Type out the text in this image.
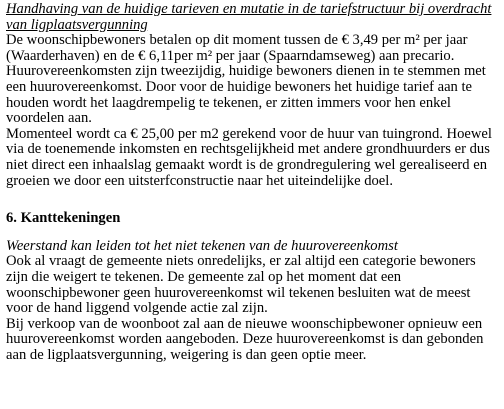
Handhaving van de huidige tarieven en mutatie in de tariefstructuur bij overdracht
van ligplaatsvergunning
De woonschipbewoners betalen op dit moment tussen de € 3,49 per m² per jaar
(Waarderhaven) en de € 6,11per m² per jaar (Spaarndamseweg) aan precario.
Huurovereenkomsten zijn tweezijdig, huidige bewoners dienen in te stemmen met
een huurovereenkomst. Door voor de huidige bewoners het huidige tarief aan te
houden wordt het laagdrempelig te tekenen, er zitten immers voor hen enkel
voordelen aan.
Momenteel wordt ca € 25,00 per m2 gerekend voor de huur van tuingrond. Hoewel
via de toenemende inkomsten en rechtsgelijkheid met andere grondhuurders er dus
niet direct een inhaalslag gemaakt wordt is de grondregulering wel gerealiseerd en
groeien we door een uitsterfconstructie naar het uiteindelijke doel.
6. Kanttekeningen
Weerstand kan leiden tot het niet tekenen van de huurovereenkomst
Ook al vraagt de gemeente niets onredelijks, er zal altijd een categorie bewoners
zijn die weigert te tekenen. De gemeente zal op het moment dat een
woonschipbewoner geen huurovereenkomst wil tekenen besluiten wat de meest
voor de hand liggend volgende actie zal zijn.
Bij verkoop van de woonboot zal aan de nieuwe woonschipbewoner opnieuw een
huurovereenkomst worden aangeboden. Deze huurovereenkomst is dan gebonden
aan de ligplaatsvergunning, weigering is dan geen optie meer.
